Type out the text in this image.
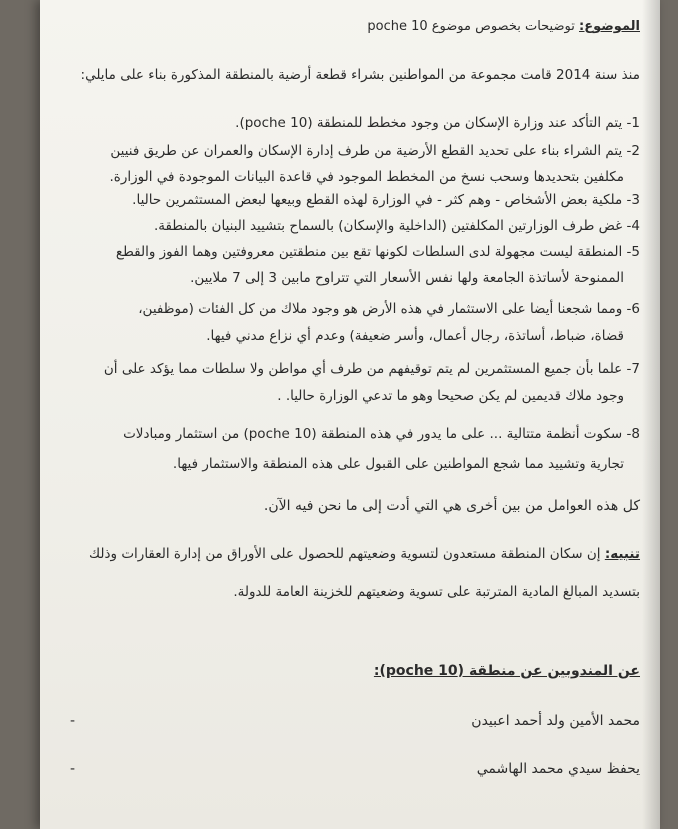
الموضوع: توضيحات بخصوص موضوع poche 10
منذ سنة 2014 قامت مجموعة من المواطنين بشراء قطعة أرضية بالمنطقة المذكورة بناء على مايلي:
1- يتم التأكد عند وزارة الإسكان من وجود مخطط للمنطقة (poche 10).
2- يتم الشراء بناء على تحديد القطع الأرضية من طرف إدارة الإسكان والعمران عن طريق فنيين
مكلفين بتحديدها وسحب نسخ من المخطط الموجود في قاعدة البيانات الموجودة في الوزارة.
3- ملكية بعض الأشخاص - وهم كثر - في الوزارة لهذه القطع وبيعها لبعض المستثمرين حاليا.
4- غض طرف الوزارتين المكلفتين (الداخلية والإسكان) بالسماح بتشييد البنيان بالمنطقة.
5- المنطقة ليست مجهولة لدى السلطات لكونها تقع بين منطقتين معروفتين وهما الفوز والقطع
الممنوحة لأساتذة الجامعة ولها نفس الأسعار التي تتراوح مابين 3 إلى 7 ملايين.
6- ومما شجعنا أيضا على الاستثمار في هذه الأرض هو وجود ملاك من كل الفئات (موظفين،
قضاة، ضباط، أساتذة، رجال أعمال، وأسر ضعيفة) وعدم أي نزاع مدني فيها.
7- علما بأن جميع المستثمرين لم يتم توقيفهم من طرف أي مواطن ولا سلطات مما يؤكد على أن
وجود ملاك قديمين لم يكن صحيحا وهو ما تدعي الوزارة حاليا. .
8- سكوت أنظمة متتالية ... على ما يدور في هذه المنطقة (poche 10) من استثمار ومبادلات
تجارية وتشييد مما شجع المواطنين على القبول على هذه المنطقة والاستثمار فيها.
كل هذه العوامل من بين أخرى هي التي أدت إلى ما نحن فيه الآن.
تنبيه: إن سكان المنطقة مستعدون لتسوية وضعيتهم للحصول على الأوراق من إدارة العقارات وذلك
بتسديد المبالغ المادية المترتبة على تسوية وضعيتهم للخزينة العامة للدولة.
عن المندوبين عن منطقة (poche 10):
محمد الأمين ولد أحمد اعبيدن
-
يحفظ سيدي محمد الهاشمي
-
